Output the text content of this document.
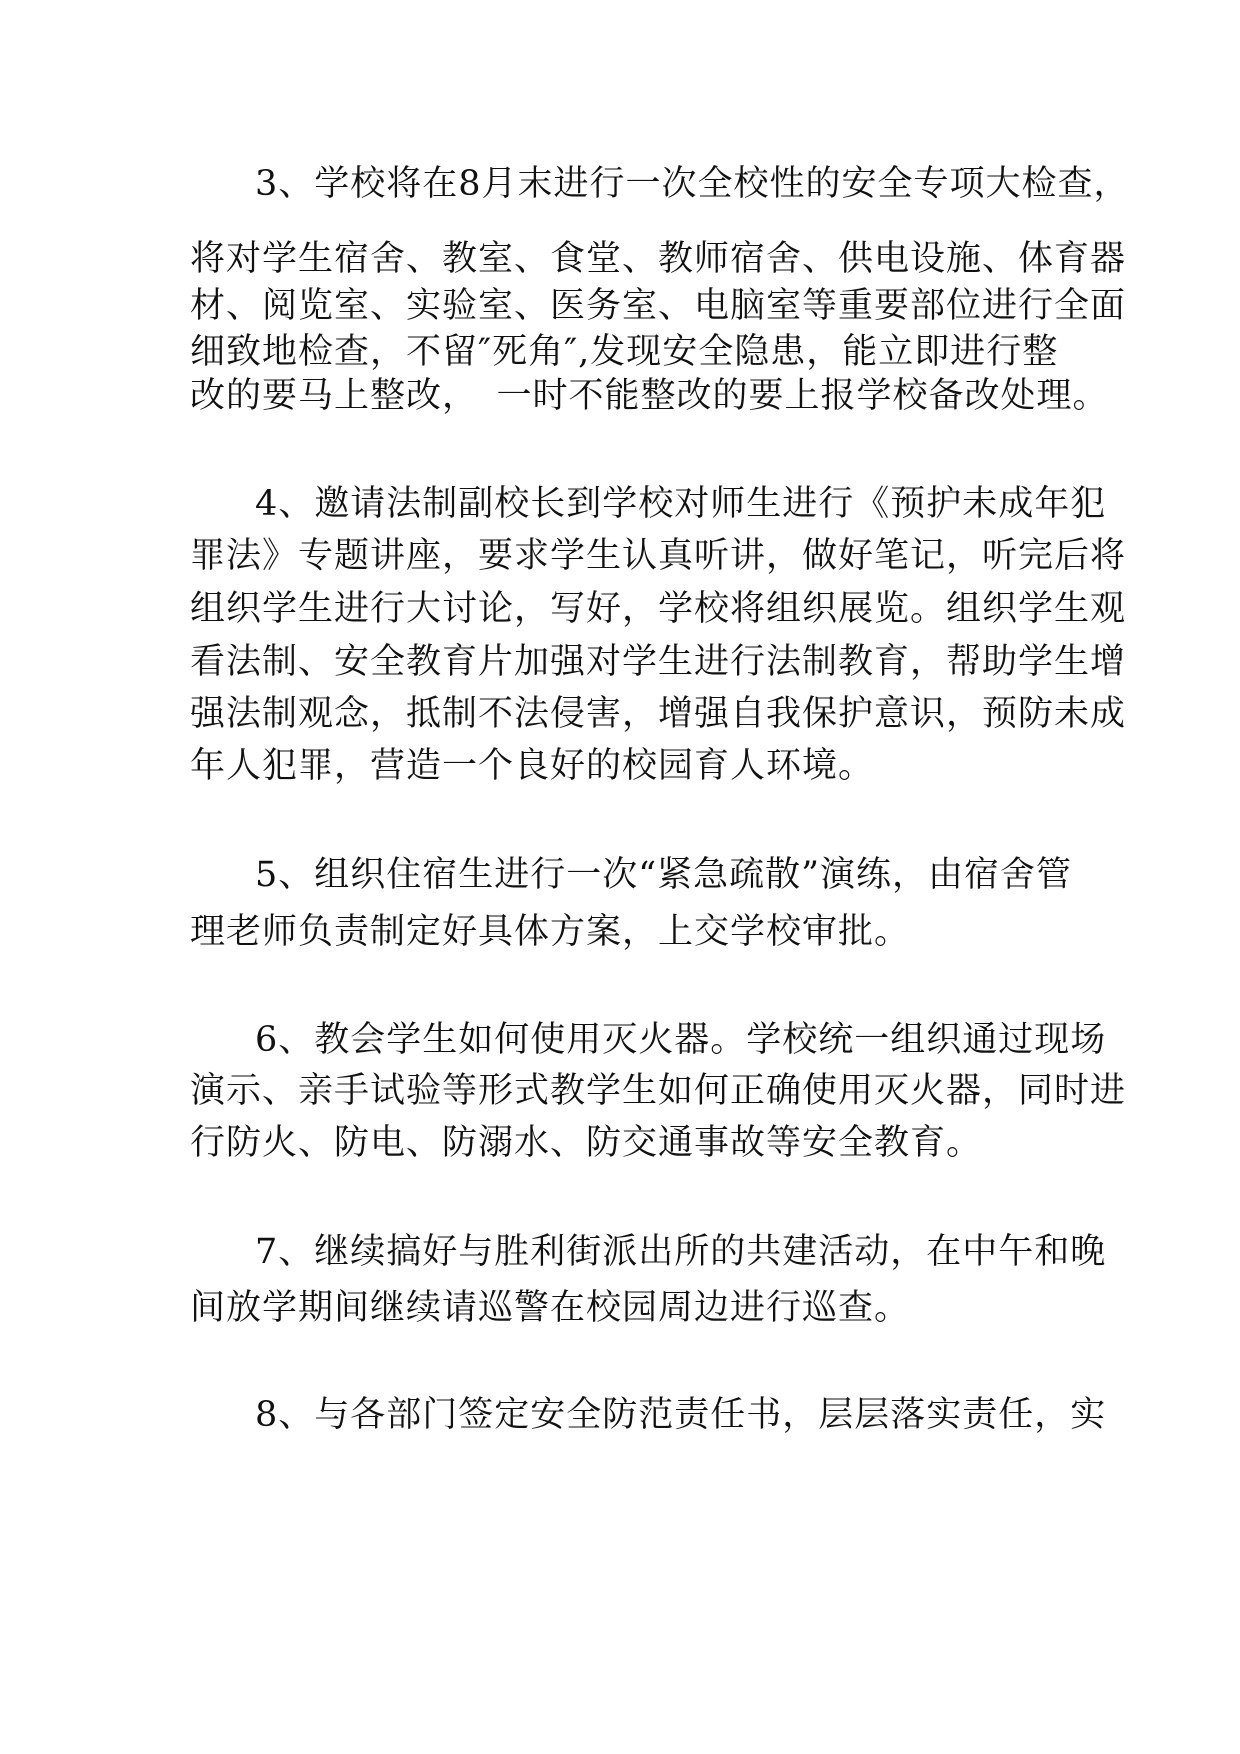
3、学校将在8月末进行一次全校性的安全专项大检查，

将对学生宿舍、教室、食堂、教师宿舍、供电设施、体育器

材、阅览室、实验室、医务室、电脑室等重要部位进行全面

细致地检查，不留″死角″,发现安全隐患，能立即进行整

改的要马上整改，　一时不能整改的要上报学校备改处理。

4、邀请法制副校长到学校对师生进行《预护未成年犯

罪法》专题讲座，要求学生认真听讲，做好笔记，听完后将

组织学生进行大讨论，写好，学校将组织展览。组织学生观

看法制、安全教育片加强对学生进行法制教育，帮助学生增

强法制观念，抵制不法侵害，增强自我保护意识，预防未成

年人犯罪，营造一个良好的校园育人环境。

5、组织住宿生进行一次“紧急疏散”演练，由宿舍管

理老师负责制定好具体方案，上交学校审批。

6、教会学生如何使用灭火器。学校统一组织通过现场

演示、亲手试验等形式教学生如何正确使用灭火器，同时进

行防火、防电、防溺水、防交通事故等安全教育。

7、继续搞好与胜利街派出所的共建活动，在中午和晚

间放学期间继续请巡警在校园周边进行巡查。

8、与各部门签定安全防范责任书，层层落实责任，实
